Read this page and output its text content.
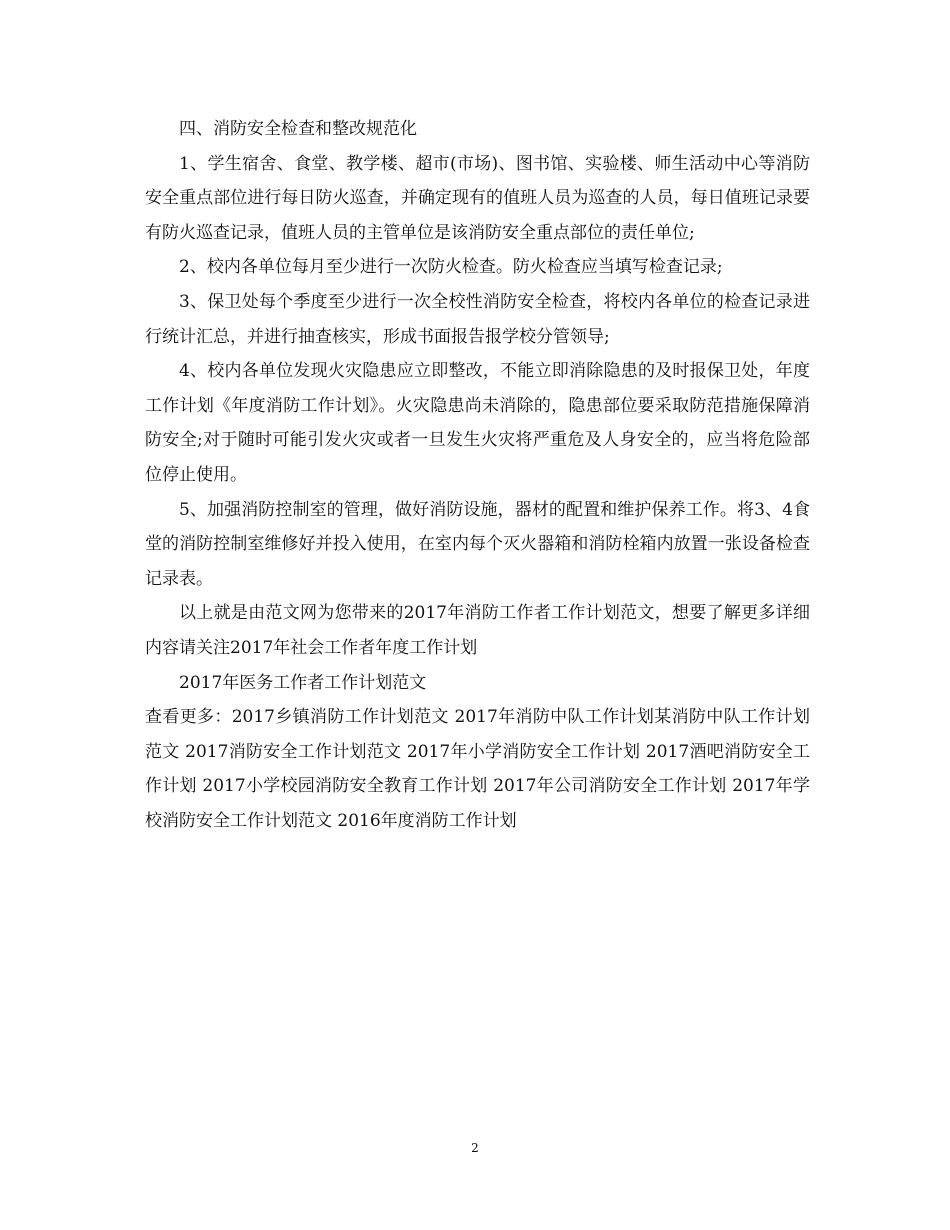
四、消防安全检查和整改规范化

1、学生宿舍、食堂、教学楼、超市(市场)、图书馆、实验楼、师生活动中心等消防安全重点部位进行每日防火巡查，并确定现有的值班人员为巡查的人员，每日值班记录要有防火巡查记录，值班人员的主管单位是该消防安全重点部位的责任单位;

2、校内各单位每月至少进行一次防火检查。防火检查应当填写检查记录;

3、保卫处每个季度至少进行一次全校性消防安全检查，将校内各单位的检查记录进行统计汇总，并进行抽查核实，形成书面报告报学校分管领导;

4、校内各单位发现火灾隐患应立即整改，不能立即消除隐患的及时报保卫处，年度工作计划《年度消防工作计划》。火灾隐患尚未消除的，隐患部位要采取防范措施保障消防安全;对于随时可能引发火灾或者一旦发生火灾将严重危及人身安全的，应当将危险部位停止使用。

5、加强消防控制室的管理，做好消防设施，器材的配置和维护保养工作。将3、4食堂的消防控制室维修好并投入使用，在室内每个灭火器箱和消防栓箱内放置一张设备检查记录表。

以上就是由范文网为您带来的2017年消防工作者工作计划范文，想要了解更多详细内容请关注2017年社会工作者年度工作计划

2017年医务工作者工作计划范文

查看更多：2017乡镇消防工作计划范文 2017年消防中队工作计划某消防中队工作计划范文 2017消防安全工作计划范文 2017年小学消防安全工作计划 2017酒吧消防安全工作计划 2017小学校园消防安全教育工作计划 2017年公司消防安全工作计划 2017年学校消防安全工作计划范文 2016年度消防工作计划

2
